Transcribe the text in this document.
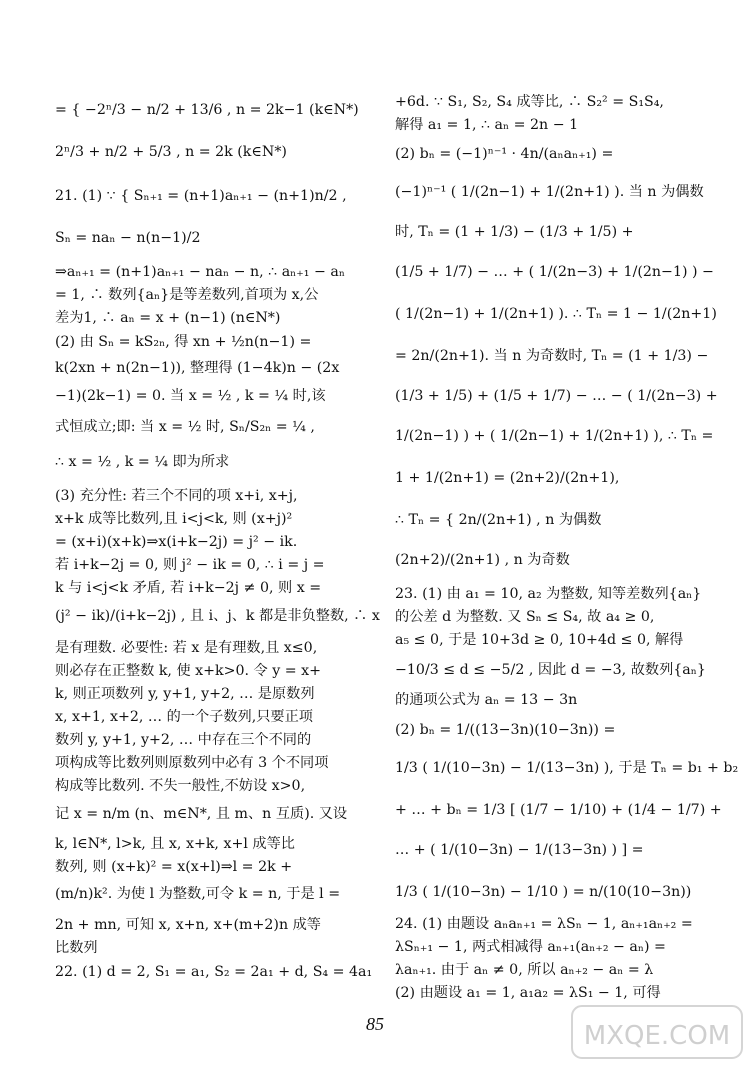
= { −2ⁿ/3 − n/2 + 13/6 , n = 2k−1 (k∈N*)
2ⁿ/3 + n/2 + 5/3 , n = 2k (k∈N*)
21. (1) ∵ { Sₙ₊₁ = (n+1)aₙ₊₁ − (n+1)n/2 ,
Sₙ = naₙ − n(n−1)/2
⇒aₙ₊₁ = (n+1)aₙ₊₁ − naₙ − n, ∴ aₙ₊₁ − aₙ
= 1, ∴ 数列{aₙ}是等差数列,首项为 x,公
差为1, ∴ aₙ = x + (n−1) (n∈N*)
(2) 由 Sₙ = kS₂ₙ, 得 xn + ½n(n−1) =
k(2xn + n(2n−1)), 整理得 (1−4k)n − (2x
−1)(2k−1) = 0. 当 x = ½ , k = ¼ 时,该
式恒成立;即: 当 x = ½ 时, Sₙ/S₂ₙ = ¼ ,
∴ x = ½ , k = ¼ 即为所求
(3) 充分性: 若三个不同的项 x+i, x+j,
x+k 成等比数列,且 i<j<k, 则 (x+j)²
= (x+i)(x+k)⇒x(i+k−2j) = j² − ik.
若 i+k−2j = 0, 则 j² − ik = 0, ∴ i = j =
k 与 i<j<k 矛盾, 若 i+k−2j ≠ 0, 则 x =
(j² − ik)/(i+k−2j) , 且 i、j、k 都是非负整数, ∴ x
是有理数. 必要性: 若 x 是有理数,且 x≤0,
则必存在正整数 k, 使 x+k>0. 令 y = x+
k, 则正项数列 y, y+1, y+2, … 是原数列
x, x+1, x+2, … 的一个子数列,只要正项
数列 y, y+1, y+2, … 中存在三个不同的
项构成等比数列则原数列中必有 3 个不同项
构成等比数列. 不失一般性,不妨设 x>0,
记 x = n/m (n、m∈N*, 且 m、n 互质). 又设
k, l∈N*, l>k, 且 x, x+k, x+l 成等比
数列, 则 (x+k)² = x(x+l)⇒l = 2k +
(m/n)k². 为使 l 为整数,可令 k = n, 于是 l =
2n + mn, 可知 x, x+n, x+(m+2)n 成等
比数列
22. (1) d = 2, S₁ = a₁, S₂ = 2a₁ + d, S₄ = 4a₁
+6d. ∵ S₁, S₂, S₄ 成等比, ∴ S₂² = S₁S₄,
解得 a₁ = 1, ∴ aₙ = 2n − 1
(2) bₙ = (−1)ⁿ⁻¹ · 4n/(aₙaₙ₊₁) =
(−1)ⁿ⁻¹ ( 1/(2n−1) + 1/(2n+1) ). 当 n 为偶数
时, Tₙ = (1 + 1/3) − (1/3 + 1/5) +
(1/5 + 1/7) − … + ( 1/(2n−3) + 1/(2n−1) ) −
( 1/(2n−1) + 1/(2n+1) ). ∴ Tₙ = 1 − 1/(2n+1)
= 2n/(2n+1). 当 n 为奇数时, Tₙ = (1 + 1/3) −
(1/3 + 1/5) + (1/5 + 1/7) − … − ( 1/(2n−3) +
1/(2n−1) ) + ( 1/(2n−1) + 1/(2n+1) ), ∴ Tₙ =
1 + 1/(2n+1) = (2n+2)/(2n+1),
∴ Tₙ = { 2n/(2n+1) , n 为偶数
(2n+2)/(2n+1) , n 为奇数
23. (1) 由 a₁ = 10, a₂ 为整数, 知等差数列{aₙ}
的公差 d 为整数. 又 Sₙ ≤ S₄, 故 a₄ ≥ 0,
a₅ ≤ 0, 于是 10+3d ≥ 0, 10+4d ≤ 0, 解得
−10/3 ≤ d ≤ −5/2 , 因此 d = −3, 故数列{aₙ}
的通项公式为 aₙ = 13 − 3n
(2) bₙ = 1/((13−3n)(10−3n)) =
1/3 ( 1/(10−3n) − 1/(13−3n) ), 于是 Tₙ = b₁ + b₂
+ … + bₙ = 1/3 [ (1/7 − 1/10) + (1/4 − 1/7) +
… + ( 1/(10−3n) − 1/(13−3n) ) ] =
1/3 ( 1/(10−3n) − 1/10 ) = n/(10(10−3n))
24. (1) 由题设 aₙaₙ₊₁ = λSₙ − 1, aₙ₊₁aₙ₊₂ =
λSₙ₊₁ − 1, 两式相减得 aₙ₊₁(aₙ₊₂ − aₙ) =
λaₙ₊₁. 由于 aₙ ≠ 0, 所以 aₙ₊₂ − aₙ = λ
(2) 由题设 a₁ = 1, a₁a₂ = λS₁ − 1, 可得
85	MXQE.COM
